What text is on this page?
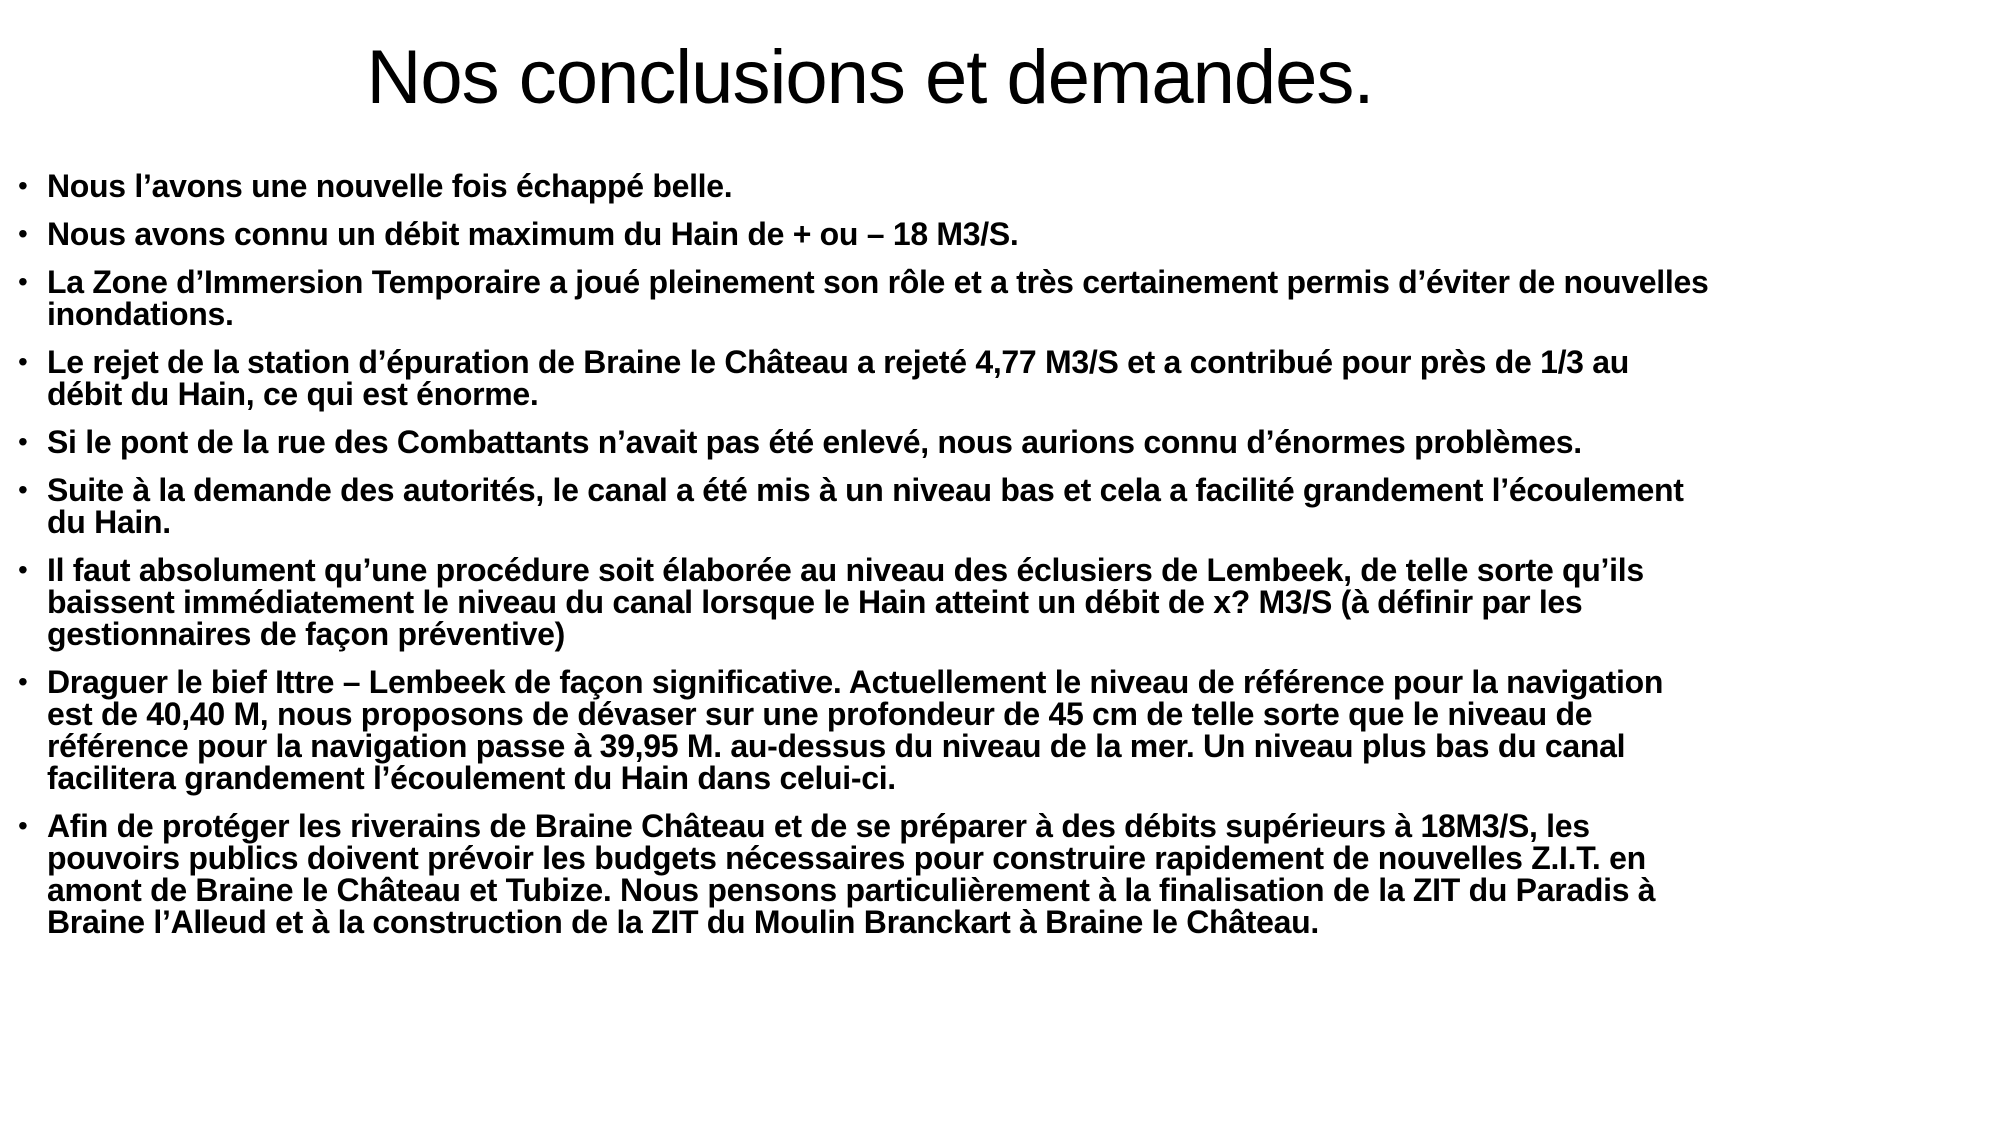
Nos conclusions et demandes.
• Nous l’avons une nouvelle fois échappé belle.
• Nous avons connu un débit maximum du Hain de + ou – 18 M3/S.
• La Zone d’Immersion Temporaire a joué pleinement son rôle et a très certainement permis d’éviter de nouvelles
inondations.
• Le rejet de la station d’épuration de Braine le Château a rejeté 4,77 M3/S et a contribué pour près de 1/3 au
débit du Hain, ce qui est énorme.
• Si le pont de la rue des Combattants n’avait pas été enlevé, nous aurions connu d’énormes problèmes.
• Suite à la demande des autorités, le canal a été mis à un niveau bas et cela a facilité grandement l’écoulement
du Hain.
• Il faut absolument qu’une procédure soit élaborée au niveau des éclusiers de Lembeek, de telle sorte qu’ils
baissent immédiatement le niveau du canal lorsque le Hain atteint un débit de x? M3/S (à définir par les
gestionnaires de façon préventive)
• Draguer le bief Ittre – Lembeek de façon significative. Actuellement le niveau de référence pour la navigation
est de 40,40 M, nous proposons de dévaser sur une profondeur de 45 cm de telle sorte que le niveau de
référence pour la navigation passe à 39,95 M. au-dessus du niveau de la mer. Un niveau plus bas du canal
facilitera grandement l’écoulement du Hain dans celui-ci.
• Afin de protéger les riverains de Braine Château et de se préparer à des débits supérieurs à 18M3/S, les
pouvoirs publics doivent prévoir les budgets nécessaires pour construire rapidement de nouvelles Z.I.T. en
amont de Braine le Château et Tubize. Nous pensons particulièrement à la finalisation de la ZIT du Paradis à
Braine l’Alleud et à la construction de la ZIT du Moulin Branckart à Braine le Château.
